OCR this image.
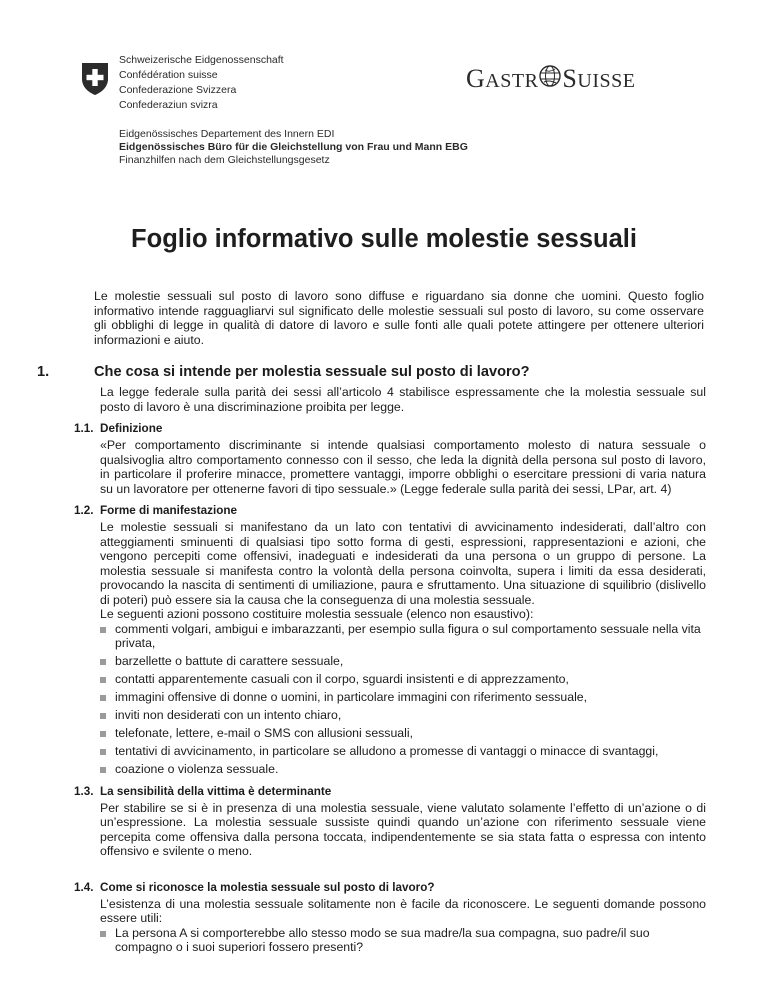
Schweizerische Eidgenossenschaft
Confédération suisse
Confederazione Svizzera
Confederaziun svizra
Eidgenössisches Departement des Innern EDI
Eidgenössisches Büro für die Gleichstellung von Frau und Mann EBG
Finanzhilfen nach dem Gleichstellungsgesetz
G ASTR S UISSE
Foglio informativo sulle molestie sessuali

Le molestie sessuali sul posto di lavoro sono diffuse e riguardano sia donne che uomini. Questo foglio informativo intende ragguagliarvi sul significato delle molestie sessuali sul posto di lavoro, su come osservare gli obblighi di legge in qualità di datore di lavoro e sulle fonti alle quali potete attingere per ottenere ulteriori informazioni e aiuto.

1.	Che cosa si intende per molestia sessuale sul posto di lavoro?

La legge federale sulla parità dei sessi all’articolo 4 stabilisce espressamente che la molestia sessuale sul posto di lavoro è una discriminazione proibita per legge.

1.1. Definizione

«Per comportamento discriminante si intende qualsiasi comportamento molesto di natura sessuale o qualsivoglia altro comportamento connesso con il sesso, che leda la dignità della persona sul posto di lavoro, in particolare il proferire minacce, promettere vantaggi, imporre obblighi o esercitare pressioni di varia natura su un lavoratore per ottenerne favori di tipo sessuale.» (Legge federale sulla parità dei sessi, LPar, art. 4)

1.2. Forme di manifestazione

Le molestie sessuali si manifestano da un lato con tentativi di avvicinamento indesiderati, dall’altro con atteggiamenti sminuenti di qualsiasi tipo sotto forma di gesti, espressioni, rappresentazioni e azioni, che vengono percepiti come offensivi, inadeguati e indesiderati da una persona o un gruppo di persone. La molestia sessuale si manifesta contro la volontà della persona coinvolta, supera i limiti da essa desiderati, provocando la nascita di sentimenti di umiliazione, paura e sfruttamento. Una situazione di squilibrio (dislivello di poteri) può essere sia la causa che la conseguenza di una molestia sessuale.

Le seguenti azioni possono costituire molestia sessuale (elenco non esaustivo):

commenti volgari, ambigui e imbarazzanti, per esempio sulla figura o sul comportamento sessuale nella vita privata,
barzellette o battute di carattere sessuale,
contatti apparentemente casuali con il corpo, sguardi insistenti e di apprezzamento,
immagini offensive di donne o uomini, in particolare immagini con riferimento sessuale,
inviti non desiderati con un intento chiaro,
telefonate, lettere, e-mail o SMS con allusioni sessuali,
tentativi di avvicinamento, in particolare se alludono a promesse di vantaggi o minacce di svantaggi,
coazione o violenza sessuale.
1.3. La sensibilità della vittima è determinante

Per stabilire se si è in presenza di una molestia sessuale, viene valutato solamente l’effetto di un’azione o di un’espressione. La molestia sessuale sussiste quindi quando un’azione con riferimento sessuale viene percepita come offensiva dalla persona toccata, indipendentemente se sia stata fatta o espressa con intento offensivo e svilente o meno.

1.4. Come si riconosce la molestia sessuale sul posto di lavoro?

L’esistenza di una molestia sessuale solitamente non è facile da riconoscere. Le seguenti domande possono essere utili:

La persona A si comporterebbe allo stesso modo se sua madre/la sua compagna, suo padre/il suo compagno o i suoi superiori fossero presenti?
